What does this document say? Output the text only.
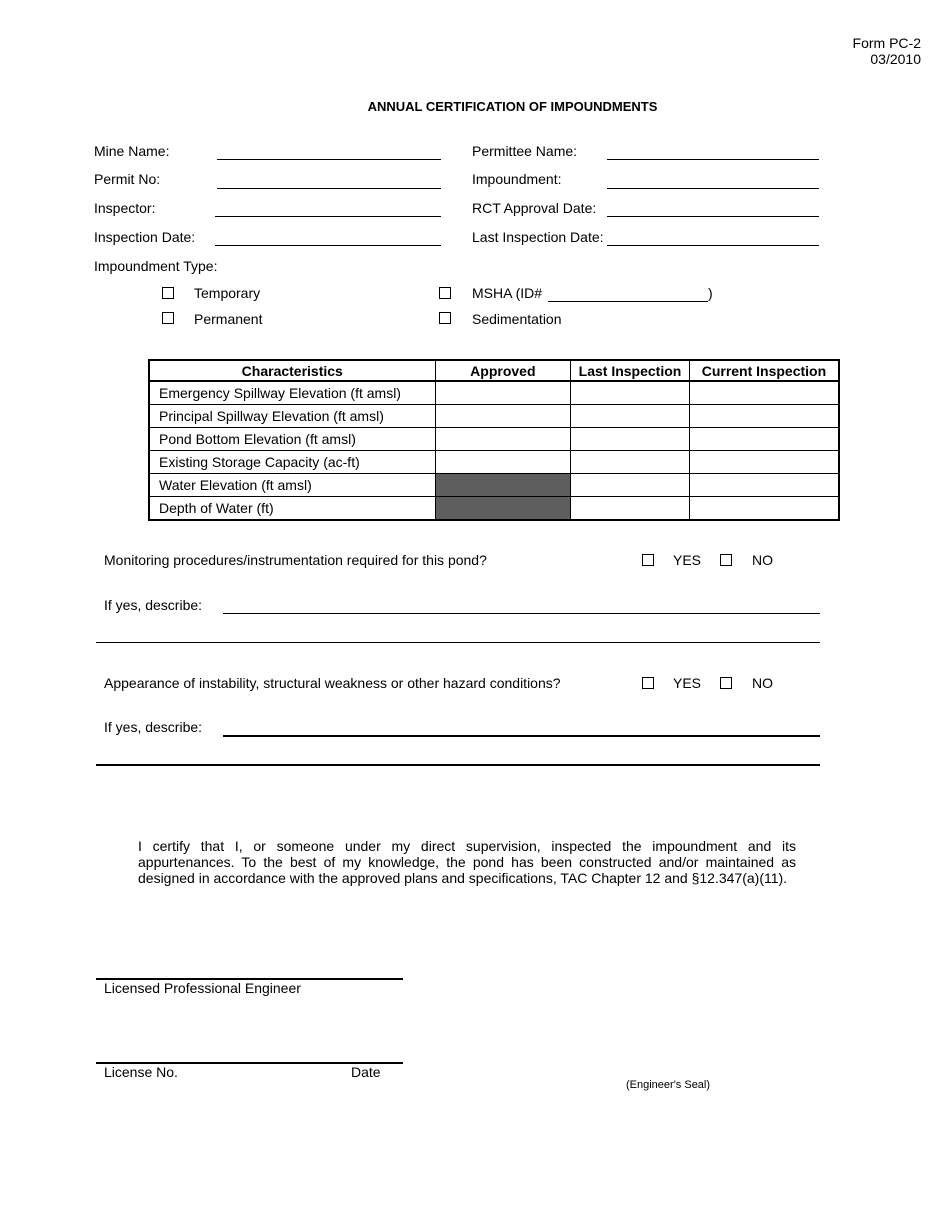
Form PC-2
03/2010
ANNUAL CERTIFICATION OF IMPOUNDMENTS
Mine Name:
Permit No:
Inspector:
Inspection Date:
Permittee Name:
Impoundment:
RCT Approval Date:
Last Inspection Date:
Impoundment Type:
Temporary
Permanent
MSHA (ID#	)
Sedimentation
Characteristics	Approved	Last Inspection	Current Inspection
Emergency Spillway Elevation (ft amsl)			
Principal Spillway Elevation (ft amsl)			
Pond Bottom Elevation (ft amsl)			
Existing Storage Capacity (ac-ft)			
Water Elevation (ft amsl)			
Depth of Water (ft)			
Monitoring procedures/instrumentation required for this pond?	YES	NO
If yes, describe:
Appearance of instability, structural weakness or other hazard conditions?	YES	NO
If yes, describe:
I certify that I, or someone under my direct supervision, inspected the impoundment and its appurtenances. To the best of my knowledge, the pond has been constructed and/or maintained as designed in accordance with the approved plans and specifications, TAC Chapter 12 and §12.347(a)(11).
Licensed Professional Engineer
License No.	Date
(Engineer's Seal)
